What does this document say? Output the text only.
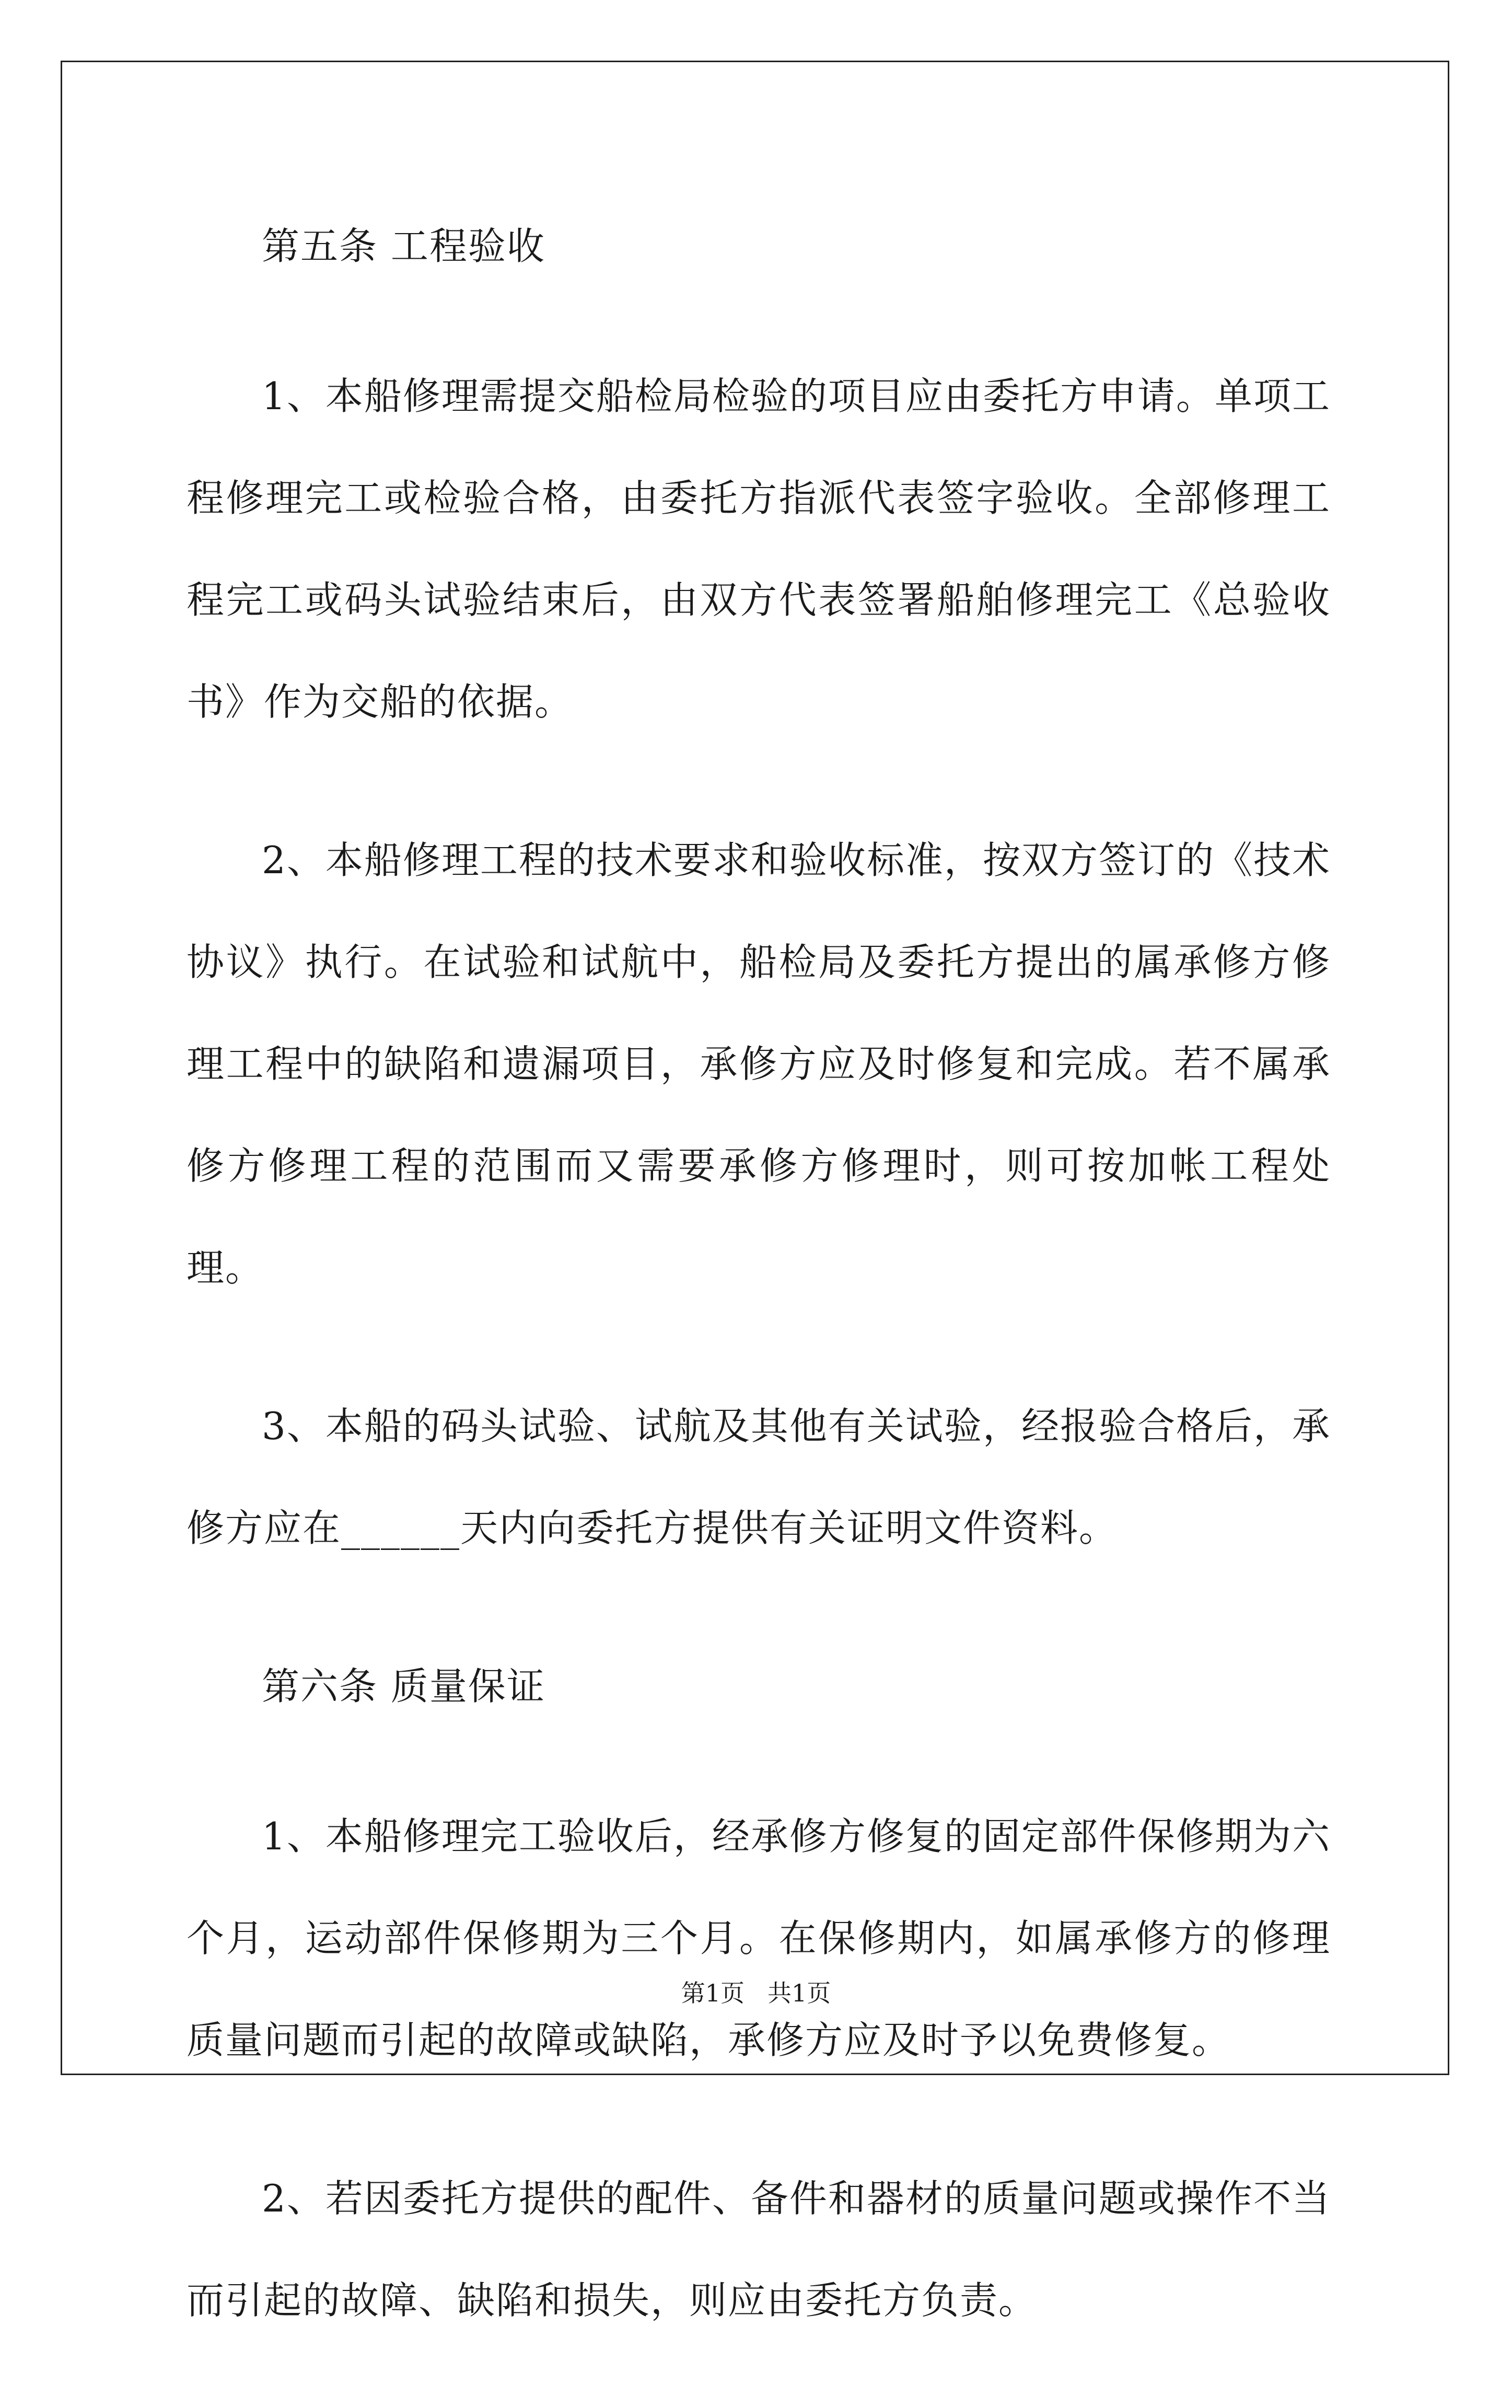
第五条 工程验收

1、本船修理需提交船检局检验的项目应由委托方申请。单项工程修理完工或检验合格，由委托方指派代表签字验收。全部修理工程完工或码头试验结束后，由双方代表签署船舶修理完工《总验收书》作为交船的依据。

2、本船修理工程的技术要求和验收标准，按双方签订的《技术协议》执行。在试验和试航中，船检局及委托方提出的属承修方修理工程中的缺陷和遗漏项目，承修方应及时修复和完成。若不属承修方修理工程的范围而又需要承修方修理时，则可按加帐工程处理。

3、本船的码头试验、试航及其他有关试验，经报验合格后，承修方应在______天内向委托方提供有关证明文件资料。

第六条 质量保证

1、本船修理完工验收后，经承修方修复的固定部件保修期为六个月，运动部件保修期为三个月。在保修期内，如属承修方的修理质量问题而引起的故障或缺陷，承修方应及时予以免费修复。

2、若因委托方提供的配件、备件和器材的质量问题或操作不当而引起的故障、缺陷和损失，则应由委托方负责。

第1页 共1页
